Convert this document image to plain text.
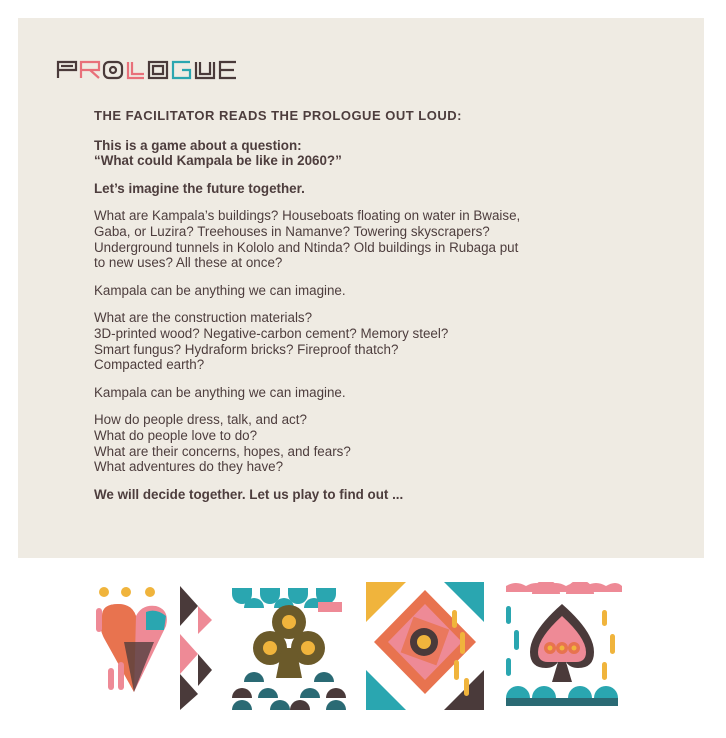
THE FACILITATOR READS THE PROLOGUE OUT LOUD:

This is a game about a question:
“What could Kampala be like in 2060?”

Let’s imagine the future together.

What are Kampala’s buildings? Houseboats floating on water in Bwaise,
Gaba, or Luzira? Treehouses in Namanve? Towering skyscrapers?
Underground tunnels in Kololo and Ntinda? Old buildings in Rubaga put
to new uses? All these at once?

Kampala can be anything we can imagine.

What are the construction materials?
3D-printed wood? Negative-carbon cement? Memory steel?
Smart fungus? Hydraform bricks? Fireproof thatch?
Compacted earth?

Kampala can be anything we can imagine.

How do people dress, talk, and act?
What do people love to do?
What are their concerns, hopes, and fears?
What adventures do they have?

We will decide together. Let us play to find out ...
